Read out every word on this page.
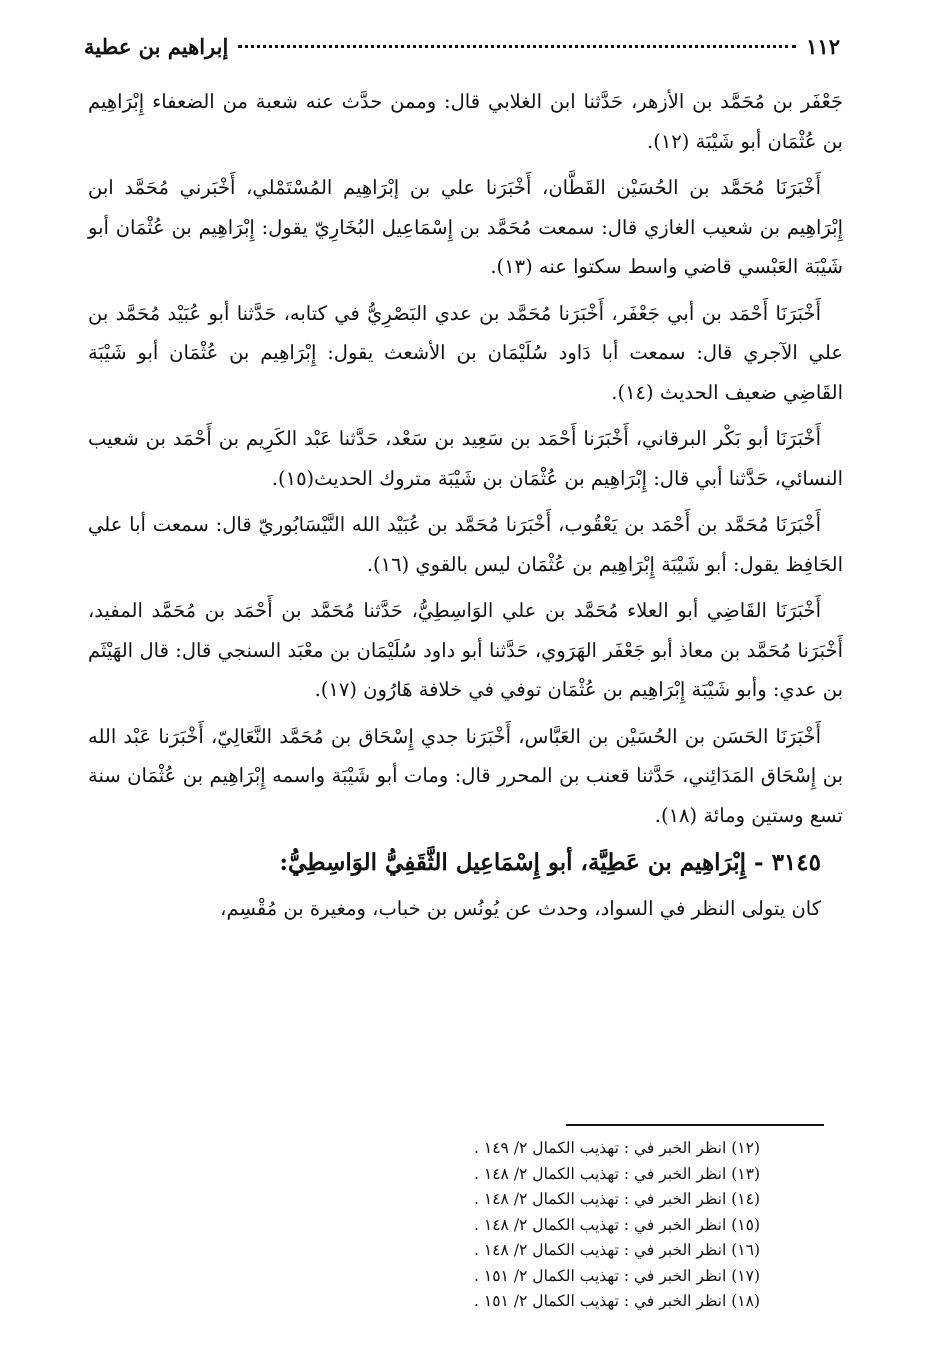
١١٢
إبراهيم بن عطية

جَعْفَر بن مُحَمَّد بن الأزهر، حَدَّثنا ابن الغلابي قال: وممن حدَّث عنه شعبة من الضعفاء إِبْرَاهِيم بن عُثْمَان أبو شَيْبَة (١٢).

أَخْبَرَنَا مُحَمَّد بن الحُسَيْن القَطَّان، أَخْبَرَنا علي بن إبْرَاهِيم المُسْتَمْلي، أَخْبَرني مُحَمَّد ابن إِبْرَاهِيم بن شعيب الغازي قال: سمعت مُحَمَّد بن إِسْمَاعِيل البُخَارِيّ يقول: إِبْرَاهِيم بن عُثْمَان أبو شَيْبَة العَبْسي قاضي واسط سكتوا عنه (١٣).

أَخْبَرَنَا أَحْمَد بن أبي جَعْفَر، أَخْبَرَنا مُحَمَّد بن عدي البَصْرِيُّ في كتابه، حَدَّثنا أبو عُبَيْد مُحَمَّد بن علي الآجري قال: سمعت أبا دَاود سُلَيْمَان بن الأشعث يقول: إِبْرَاهِيم بن عُثْمَان أبو شَيْبَة القَاضِي ضعيف الحديث (١٤).

أَخْبَرَنَا أبو بَكْر البرقاني، أَخْبَرَنا أَحْمَد بن سَعِيد بن سَعْد، حَدَّثنا عَبْد الكَرِيم بن أَحْمَد بن شعيب النسائي، حَدَّثنا أبي قال: إِبْرَاهِيم بن عُثْمَان بن شَيْبَة متروك الحديث(١٥).

أَخْبَرَنَا مُحَمَّد بن أَحْمَد بن يَعْقُوب، أَخْبَرَنا مُحَمَّد بن عُبَيْد الله النَّيْسَابُوريّ قال: سمعت أبا علي الحَافِظ يقول: أبو شَيْبَة إِبْرَاهِيم بن عُثْمَان ليس بالقوي (١٦).

أَخْبَرَنَا القَاضِي أبو العلاء مُحَمَّد بن علي الوَاسِطِيُّ، حَدَّثنا مُحَمَّد بن أَحْمَد بن مُحَمَّد المفيد، أَخْبَرَنا مُحَمَّد بن معاذ أبو جَعْفَر الهَرَوي، حَدَّثنا أبو داود سُلَيْمَان بن معْبَد السنجي قال: قال الهَيْثَم بن عدي: وأبو شَيْبَة إِبْرَاهِيم بن عُثْمَان توفي في خلافة هَارُون (١٧).

أَخْبَرَنَا الحَسَن بن الحُسَيْن بن العَبَّاس، أَخْبَرَنا جدي إِسْحَاق بن مُحَمَّد النَّعَالِيّ، أَخْبَرَنا عَبْد الله بن إِسْحَاق المَدَائِني، حَدَّثنا قعنب بن المحرر قال: ومات أبو شَيْبَة واسمه إِبْرَاهِيم بن عُثْمَان سنة تسع وستين ومائة (١٨).

٣١٤٥ - إِبْرَاهِيم بن عَطِيَّة، أبو إِسْمَاعِيل الثَّقَفِيُّ الوَاسِطِيُّ:

كان يتولى النظر في السواد، وحدث عن يُونُس بن خباب، ومغيرة بن مُقْسِم،

(١٢) انظر الخبر في : تهذيب الكمال ٢/ ١٤٩ .
(١٣) انظر الخبر في : تهذيب الكمال ٢/ ١٤٨ .
(١٤) انظر الخبر في : تهذيب الكمال ٢/ ١٤٨ .
(١٥) انظر الخبر في : تهذيب الكمال ٢/ ١٤٨ .
(١٦) انظر الخبر في : تهذيب الكمال ٢/ ١٤٨ .
(١٧) انظر الخبر في : تهذيب الكمال ٢/ ١٥١ .
(١٨) انظر الخبر في : تهذيب الكمال ٢/ ١٥١ .
